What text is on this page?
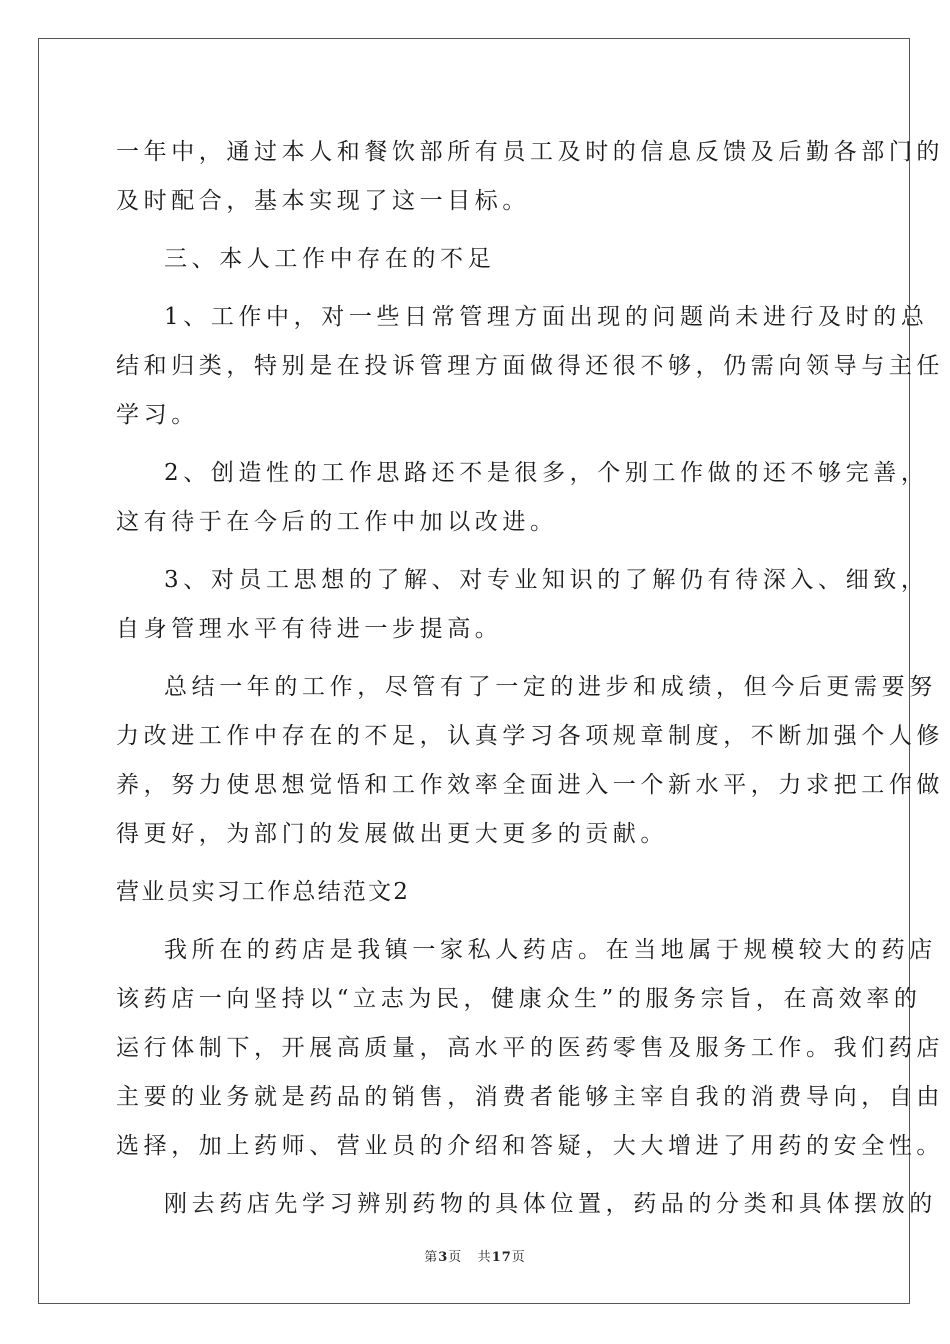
一年中，通过本人和餐饮部所有员工及时的信息反馈及后勤各部门的
及时配合，基本实现了这一目标。
三、本人工作中存在的不足
1、工作中，对一些日常管理方面出现的问题尚未进行及时的总
结和归类，特别是在投诉管理方面做得还很不够，仍需向领导与主任
学习。
2、创造性的工作思路还不是很多，个别工作做的还不够完善，
这有待于在今后的工作中加以改进。
3、对员工思想的了解、对专业知识的了解仍有待深入、细致，
自身管理水平有待进一步提高。
总结一年的工作，尽管有了一定的进步和成绩，但今后更需要努
力改进工作中存在的不足，认真学习各项规章制度，不断加强个人修
养，努力使思想觉悟和工作效率全面进入一个新水平，力求把工作做
得更好，为部门的发展做出更大更多的贡献。
营业员实习工作总结范文2
我所在的药店是我镇一家私人药店。在当地属于规模较大的药店
该药店一向坚持以“立志为民，健康众生”的服务宗旨，在高效率的
运行体制下，开展高质量，高水平的医药零售及服务工作。我们药店
主要的业务就是药品的销售，消费者能够主宰自我的消费导向，自由
选择，加上药师、营业员的介绍和答疑，大大增进了用药的安全性。
刚去药店先学习辨别药物的具体位置，药品的分类和具体摆放的
第3页 共17页
